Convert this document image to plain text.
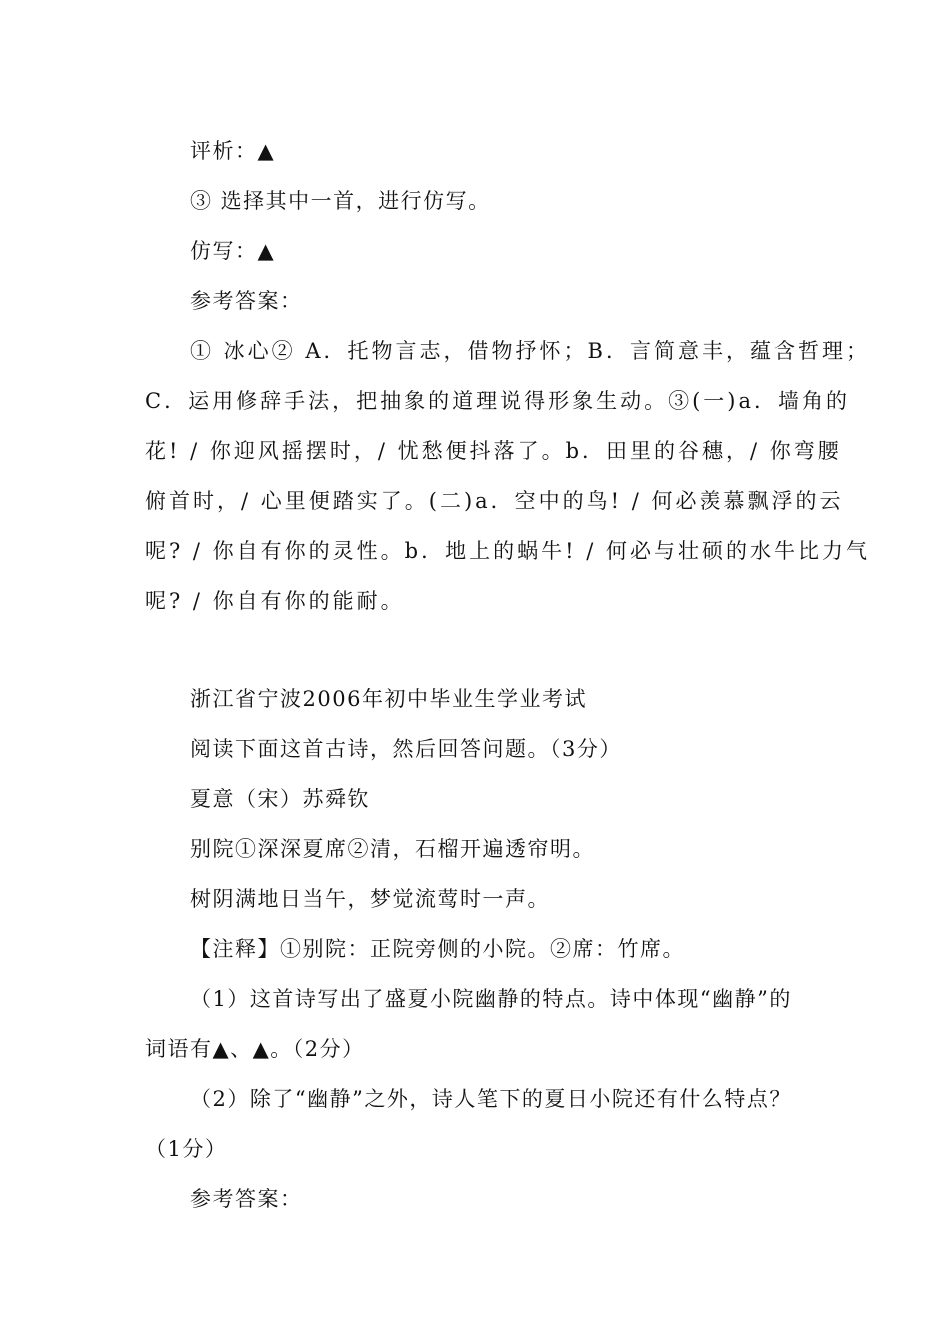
评析：▲
③ 选择其中一首，进行仿写。
仿写：▲
参考答案：
① 冰心② A．托物言志，借物抒怀；B．言简意丰，蕴含哲理；
C．运用修辞手法，把抽象的道理说得形象生动。③(一)a．墙角的
花! / 你迎风摇摆时，/ 忧愁便抖落了。b．田里的谷穗，/ 你弯腰
俯首时，/ 心里便踏实了。(二)a．空中的鸟! / 何必羡慕飘浮的云
呢? / 你自有你的灵性。b．地上的蜗牛! / 何必与壮硕的水牛比力气
呢? / 你自有你的能耐。
浙江省宁波2006年初中毕业生学业考试
阅读下面这首古诗，然后回答问题。（3分）
夏意（宋）苏舜钦
别院①深深夏席②清，石榴开遍透帘明。
树阴满地日当午，梦觉流莺时一声。
【注释】①别院：正院旁侧的小院。②席：竹席。
（1）这首诗写出了盛夏小院幽静的特点。诗中体现“幽静”的
词语有▲、▲。（2分）
（2）除了“幽静”之外，诗人笔下的夏日小院还有什么特点？
（1分）
参考答案：
